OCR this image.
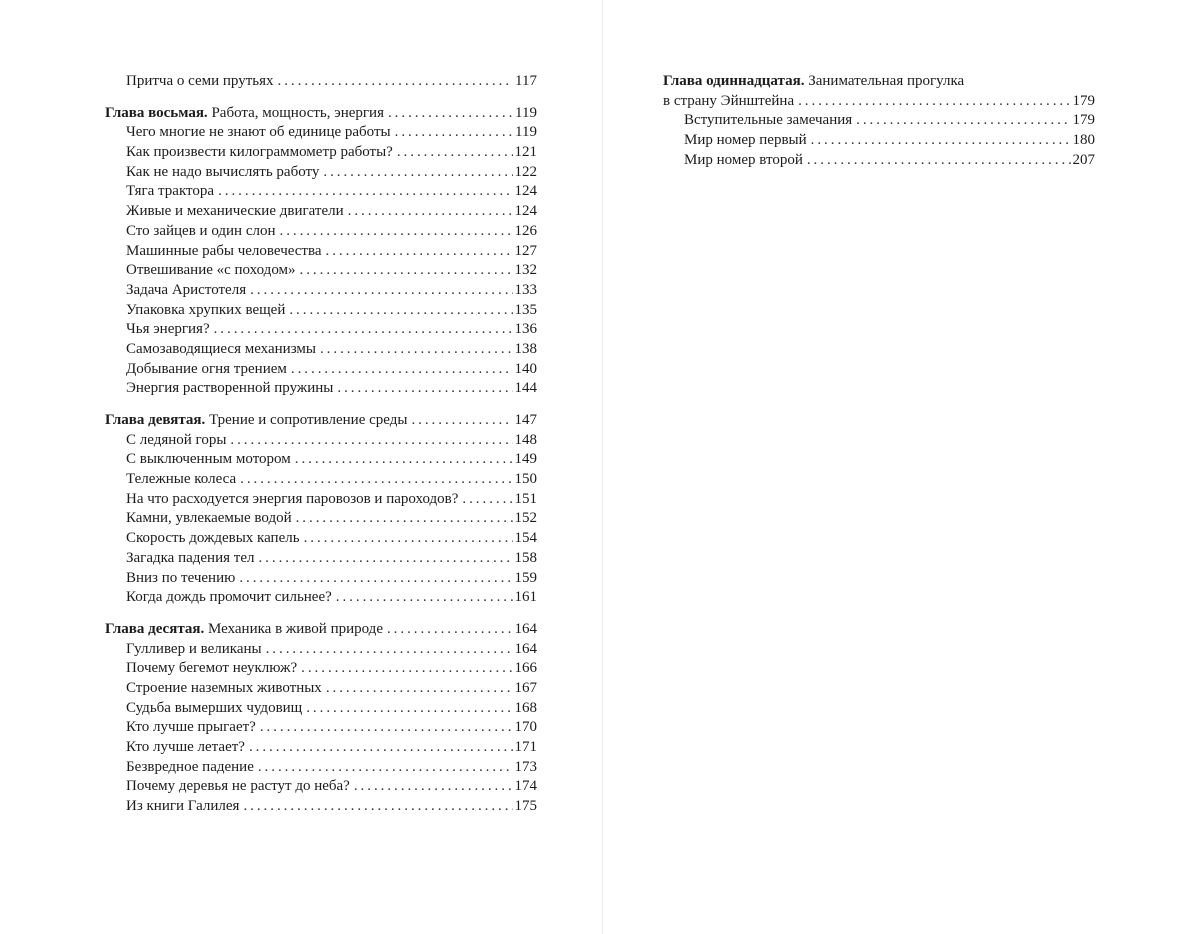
Притча о семи прутьях . . .	117
Глава восьмая. Работа, мощность, энергия . . .	119
Чего многие не знают об единице работы . . .	119
Как произвести килограммометр работы? . . .	121
Как не надо вычислять работу . . .	122
Тяга трактора . . .	124
Живые и механические двигатели . . .	124
Сто зайцев и один слон . . .	126
Машинные рабы человечества . . .	127
Отвешивание «с походом» . . .	132
Задача Аристотеля . . .	133
Упаковка хрупких вещей . . .	135
Чья энергия? . . .	136
Самозаводящиеся механизмы . . .	138
Добывание огня трением . . .	140
Энергия растворенной пружины . . .	144
Глава девятая. Трение и сопротивление среды . . .	147
С ледяной горы . . .	148
С выключенным мотором . . .	149
Тележные колеса . . .	150
На что расходуется энергия паровозов и пароходов? . . .	151
Камни, увлекаемые водой . . .	152
Скорость дождевых капель . . .	154
Загадка падения тел . . .	158
Вниз по течению . . .	159
Когда дождь промочит сильнее? . . .	161
Глава десятая. Механика в живой природе . . .	164
Гулливер и великаны . . .	164
Почему бегемот неуклюж? . . .	166
Строение наземных животных . . .	167
Судьба вымерших чудовищ . . .	168
Кто лучше прыгает? . . .	170
Кто лучше летает? . . .	171
Безвредное падение . . .	173
Почему деревья не растут до неба? . . .	174
Из книги Галилея . . .	175
Глава одиннадцатая. Занимательная прогулка
в страну Эйнштейна . . .	179
Вступительные замечания . . .	179
Мир номер первый . . .	180
Мир номер второй . . .	207
